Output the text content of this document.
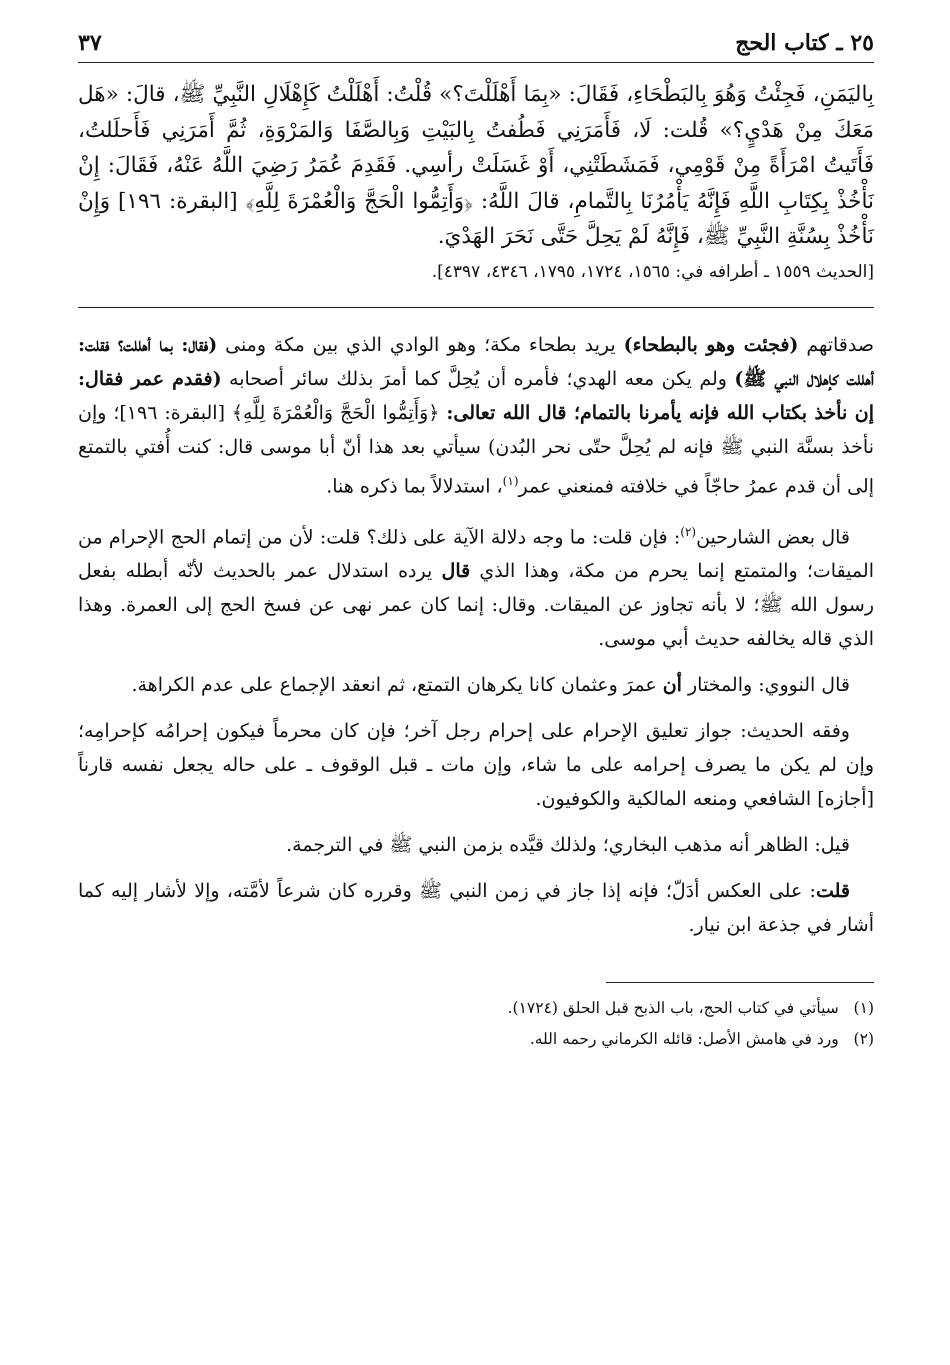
٢٥ ـ كتاب الحج
٣٧

بِاليَمَنِ، فَجِئْتُ وَهُوَ بِالبَطْحَاءِ، فَقَالَ: «بِمَا أَهْلَلْتَ؟» قُلْتُ: أَهْلَلْتُ كَإِهْلَالِ النَّبِيِّ ﷺ، قالَ: «هَل مَعَكَ مِنْ هَدْيٍ؟» قُلت: لَا، فَأَمَرَنِي فَطُفتُ بِالبَيْتِ وَبِالصَّفَا وَالمَرْوَةِ، ثُمَّ أَمَرَنِي فَأَحلَلتُ، فَأَتَيتُ امْرَأَةً مِنْ قَوْمِي، فَمَشَطَتْنِي، أَوْ غَسَلَتْ رأسِي. فَقَدِمَ عُمَرُ رَضِيَ اللَّهُ عَنْهُ، فَقَالَ: إِنْ نَأْخُذْ بِكِتَابِ اللَّهِ فَإِنَّهُ يَأْمُرُنَا بِالتَّمامِ، قالَ اللَّهُ: ﴿وَأَتِمُّوا الْحَجَّ وَالْعُمْرَةَ لِلَّهِ﴾ [البقرة: ١٩٦] وَإِنْ نَأْخُذْ بِسُنَّةِ النَّبِيِّ ﷺ، فَإِنَّهُ لَمْ يَحِلَّ حَتَّى نَحَرَ الهَدْيَ.

[الحديث ١٥٥٩ ـ أطرافه في: ١٥٦٥، ١٧٢٤، ١٧٩٥، ٤٣٤٦، ٤٣٩٧].

صدقاتهم (فجئت وهو بالبطحاء) يريد بطحاء مكة؛ وهو الوادي الذي بين مكة ومنى (فقال: بما أهللت؟ فقلت: أهللت كإهلال النبي ﷺ) ولم يكن معه الهدي؛ فأمره أن يُحِلَّ كما أمرَ بذلك سائر أصحابه (فقدم عمر فقال: إن نأخذ بكتاب الله فإنه يأمرنا بالتمام؛ قال الله تعالى: ﴿وَأَتِمُّوا الْحَجَّ وَالْعُمْرَةَ لِلَّهِ﴾ [البقرة: ١٩٦]؛ وإن نأخذ بسنَّة النبي ﷺ فإنه لم يُحِلَّ حتّى نحر البُدن) سيأتي بعد هذا أنّ أبا موسى قال: كنت أُفتي بالتمتع إلى أن قدم عمرُ حاجّاً في خلافته فمنعني عمر$^{(١)}$، استدلالاً بما ذكره هنا.

قال بعض الشارحين$^{(٢)}$: فإن قلت: ما وجه دلالة الآية على ذلك؟ قلت: لأن من إتمام الحج الإحرام من الميقات؛ والمتمتع إنما يحرم من مكة، وهذا الذي قال يرده استدلال عمر بالحديث لأنّه أبطله بفعل رسول الله ﷺ؛ لا بأنه تجاوز عن الميقات. وقال: إنما كان عمر نهى عن فسخ الحج إلى العمرة. وهذا الذي قاله يخالفه حديث أبي موسى.

قال النووي: والمختار أن عمرَ وعثمان كانا يكرهان التمتع، ثم انعقد الإجماع على عدم الكراهة.

وفقه الحديث: جواز تعليق الإحرام على إحرام رجل آخر؛ فإن كان محرماً فيكون إحرامُه كإحرامِه؛ وإن لم يكن ما يصرف إحرامه على ما شاء، وإن مات ـ قبل الوقوف ـ على حاله يجعل نفسه قارناً [أجازه] الشافعي ومنعه المالكية والكوفيون.

قيل: الظاهر أنه مذهب البخاري؛ ولذلك قيَّده بزمن النبي ﷺ في الترجمة.

قلت: على العكس أدَلّ؛ فإنه إذا جاز في زمن النبي ﷺ وقرره كان شرعاً لأمَّته، وإلا لأشار إليه كما أشار في جذعة ابن نيار.

(١)   سيأتي في كتاب الحج، باب الذبح قبل الحلق (١٧٢٤).

(٢)   ورد في هامش الأصل: قائله الكرماني رحمه الله.
